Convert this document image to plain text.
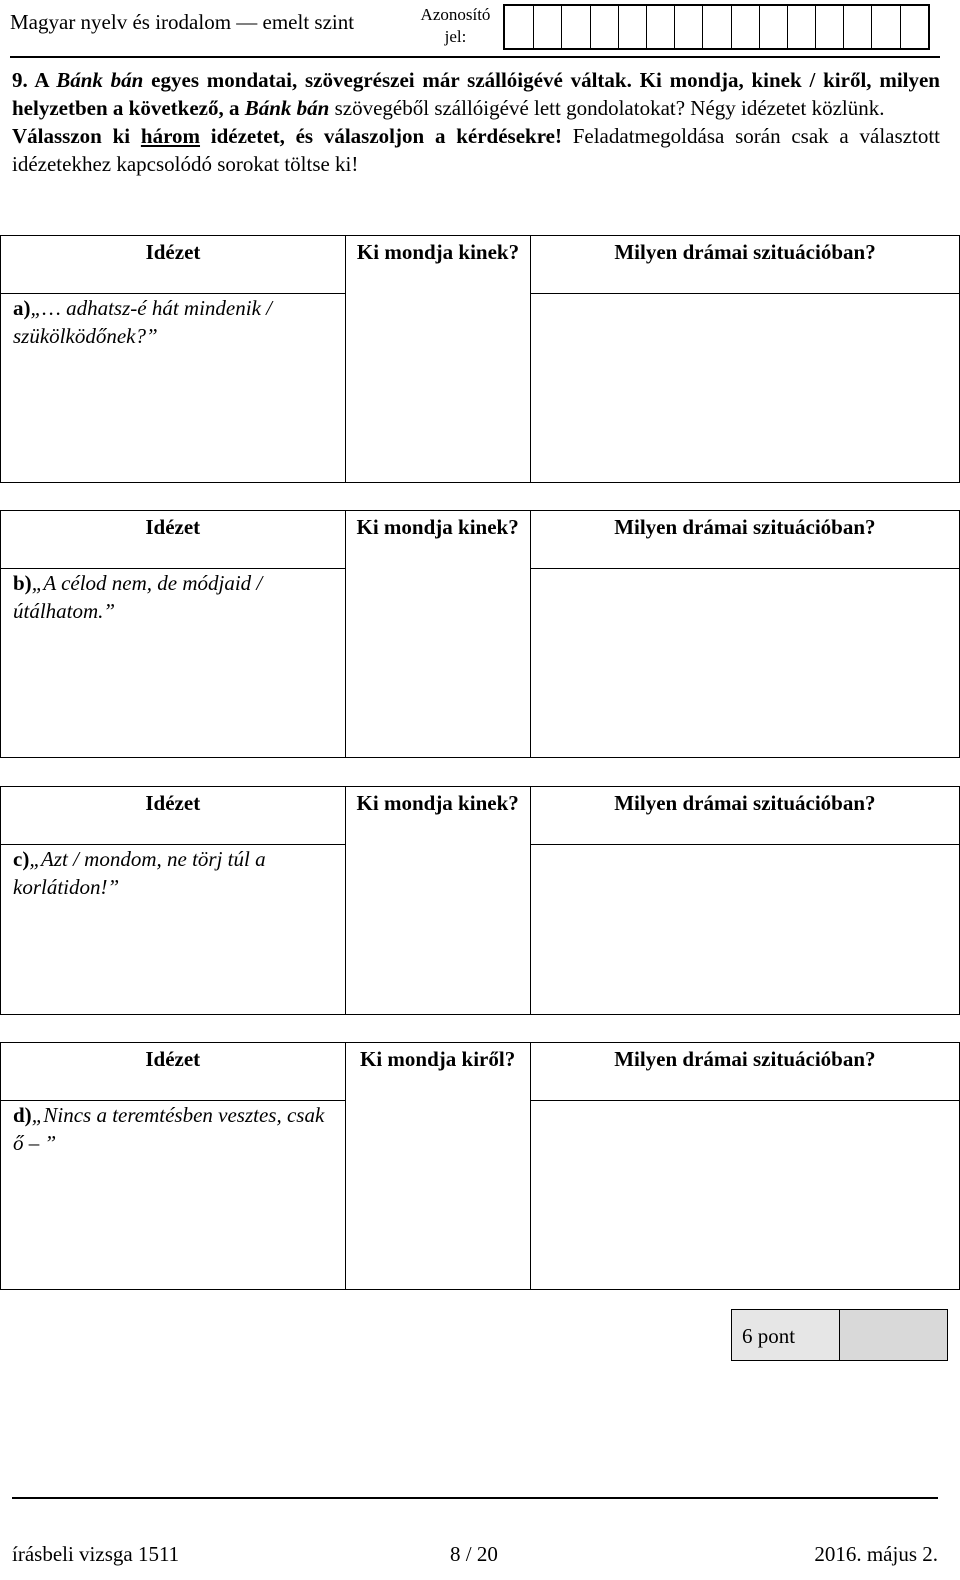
Magyar nyelv és irodalom — emelt szint	Azonosító
jel:
9. A Bánk bán egyes mondatai, szövegrészei már szállóigévé váltak. Ki mondja, kinek / kiről, milyen helyzetben a következő, a Bánk bán szövegéből szállóigévé lett gondolatokat? Négy idézetet közlünk.
Válasszon ki három idézetet, és válaszoljon a kérdésekre! Feladatmegoldása során csak a választott idézetekhez kapcsolódó sorokat töltse ki!
Idézet	Ki mondja kinek?	Milyen drámai szituációban?
a)„… adhatsz-é hát mindenik / szükölködőnek?”		
Idézet	Ki mondja kinek?	Milyen drámai szituációban?
b)„A célod nem, de módjaid / útálhatom.”		
Idézet	Ki mondja kinek?	Milyen drámai szituációban?
c)„Azt / mondom, ne törj túl a korlátidon!”		
Idézet	Ki mondja kiről?	Milyen drámai szituációban?
d)„Nincs a teremtésben vesztes, csak ő – ”		
6 pont
írásbeli vizsga 1511	8 / 20	2016. május 2.
